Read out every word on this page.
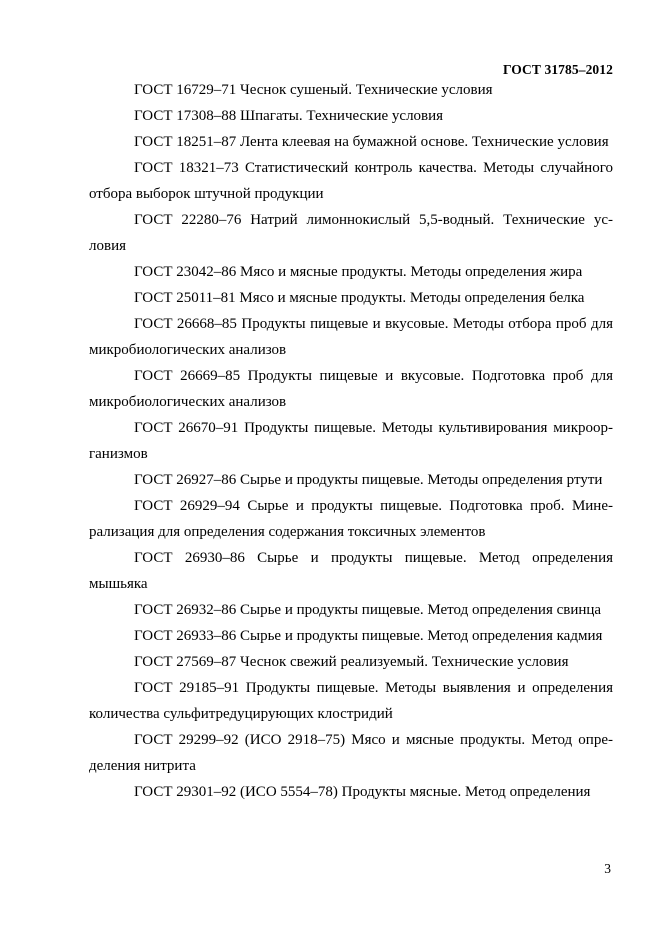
ГОСТ 31785–2012

ГОСТ 16729–71 Чеснок сушеный. Технические условия

ГОСТ 17308–88 Шпагаты. Технические условия

ГОСТ 18251–87 Лента клеевая на бумажной основе. Технические условия

ГОСТ 18321–73 Статистический контроль качества. Методы случайного отбора выборок штучной продукции

ГОСТ 22280–76 Натрий лимоннокислый 5,5-водный. Технические условия

ГОСТ 23042–86 Мясо и мясные продукты. Методы определения жира

ГОСТ 25011–81 Мясо и мясные продукты. Методы определения белка

ГОСТ 26668–85 Продукты пищевые и вкусовые. Методы отбора проб для микробиологических анализов

ГОСТ 26669–85 Продукты пищевые и вкусовые. Подготовка проб для микробиологических анализов

ГОСТ 26670–91 Продукты пищевые. Методы культивирования микроорганизмов

ГОСТ 26927–86 Сырье и продукты пищевые. Методы определения ртути

ГОСТ 26929–94 Сырье и продукты пищевые. Подготовка проб. Минерализация для определения содержания токсичных элементов

ГОСТ 26930–86 Сырье и продукты пищевые. Метод определения мышьяка

ГОСТ 26932–86 Сырье и продукты пищевые. Метод определения свинца

ГОСТ 26933–86 Сырье и продукты пищевые. Метод определения кадмия

ГОСТ 27569–87 Чеснок свежий реализуемый. Технические условия

ГОСТ 29185–91 Продукты пищевые. Методы выявления и определения количества сульфитредуцирующих клостридий

ГОСТ 29299–92 (ИСО 2918–75) Мясо и мясные продукты. Метод определения нитрита

ГОСТ 29301–92 (ИСО 5554–78) Продукты мясные. Метод определения

3
